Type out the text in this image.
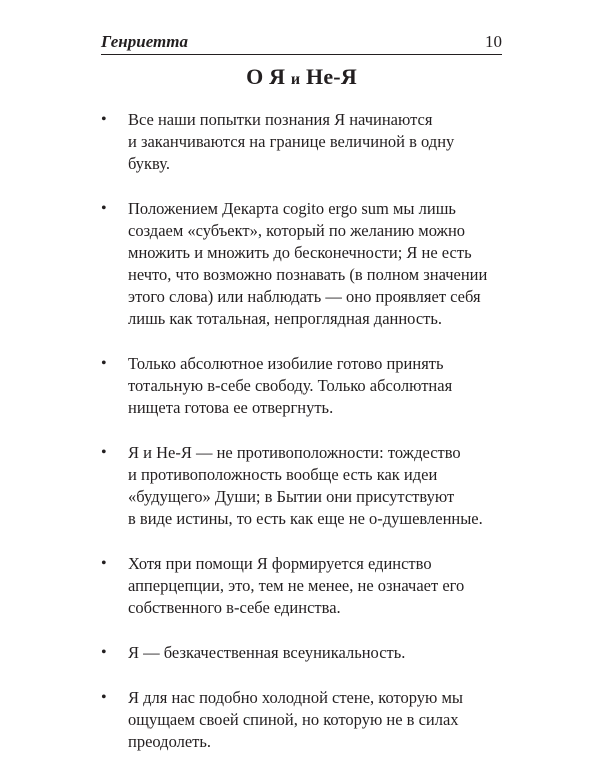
Генриетта	10
О Я и Не-Я
• Все наши попытки познания Я начинаются
и заканчиваются на границе величиной в одну
букву.
• Положением Декарта cogito ergo sum мы лишь
создаем «субъект», который по желанию можно
множить и множить до бесконечности; Я не есть
нечто, что возможно познавать (в полном значении
этого слова) или наблюдать — оно проявляет себя
лишь как тотальная, непроглядная данность.
• Только абсолютное изобилие готово принять
тотальную в-себе свободу. Только абсолютная
нищета готова ее отвергнуть.
• Я и Не-Я — не противоположности: тождество
и противоположность вообще есть как идеи
«будущего» Души; в Бытии они присутствуют
в виде истины, то есть как еще не о-душевленные.
• Хотя при помощи Я формируется единство
апперцепции, это, тем не менее, не означает его
собственного в-себе единства.
• Я — безкачественная всеуникальность.
• Я для нас подобно холодной стене, которую мы
ощущаем своей спиной, но которую не в силах
преодолеть.
